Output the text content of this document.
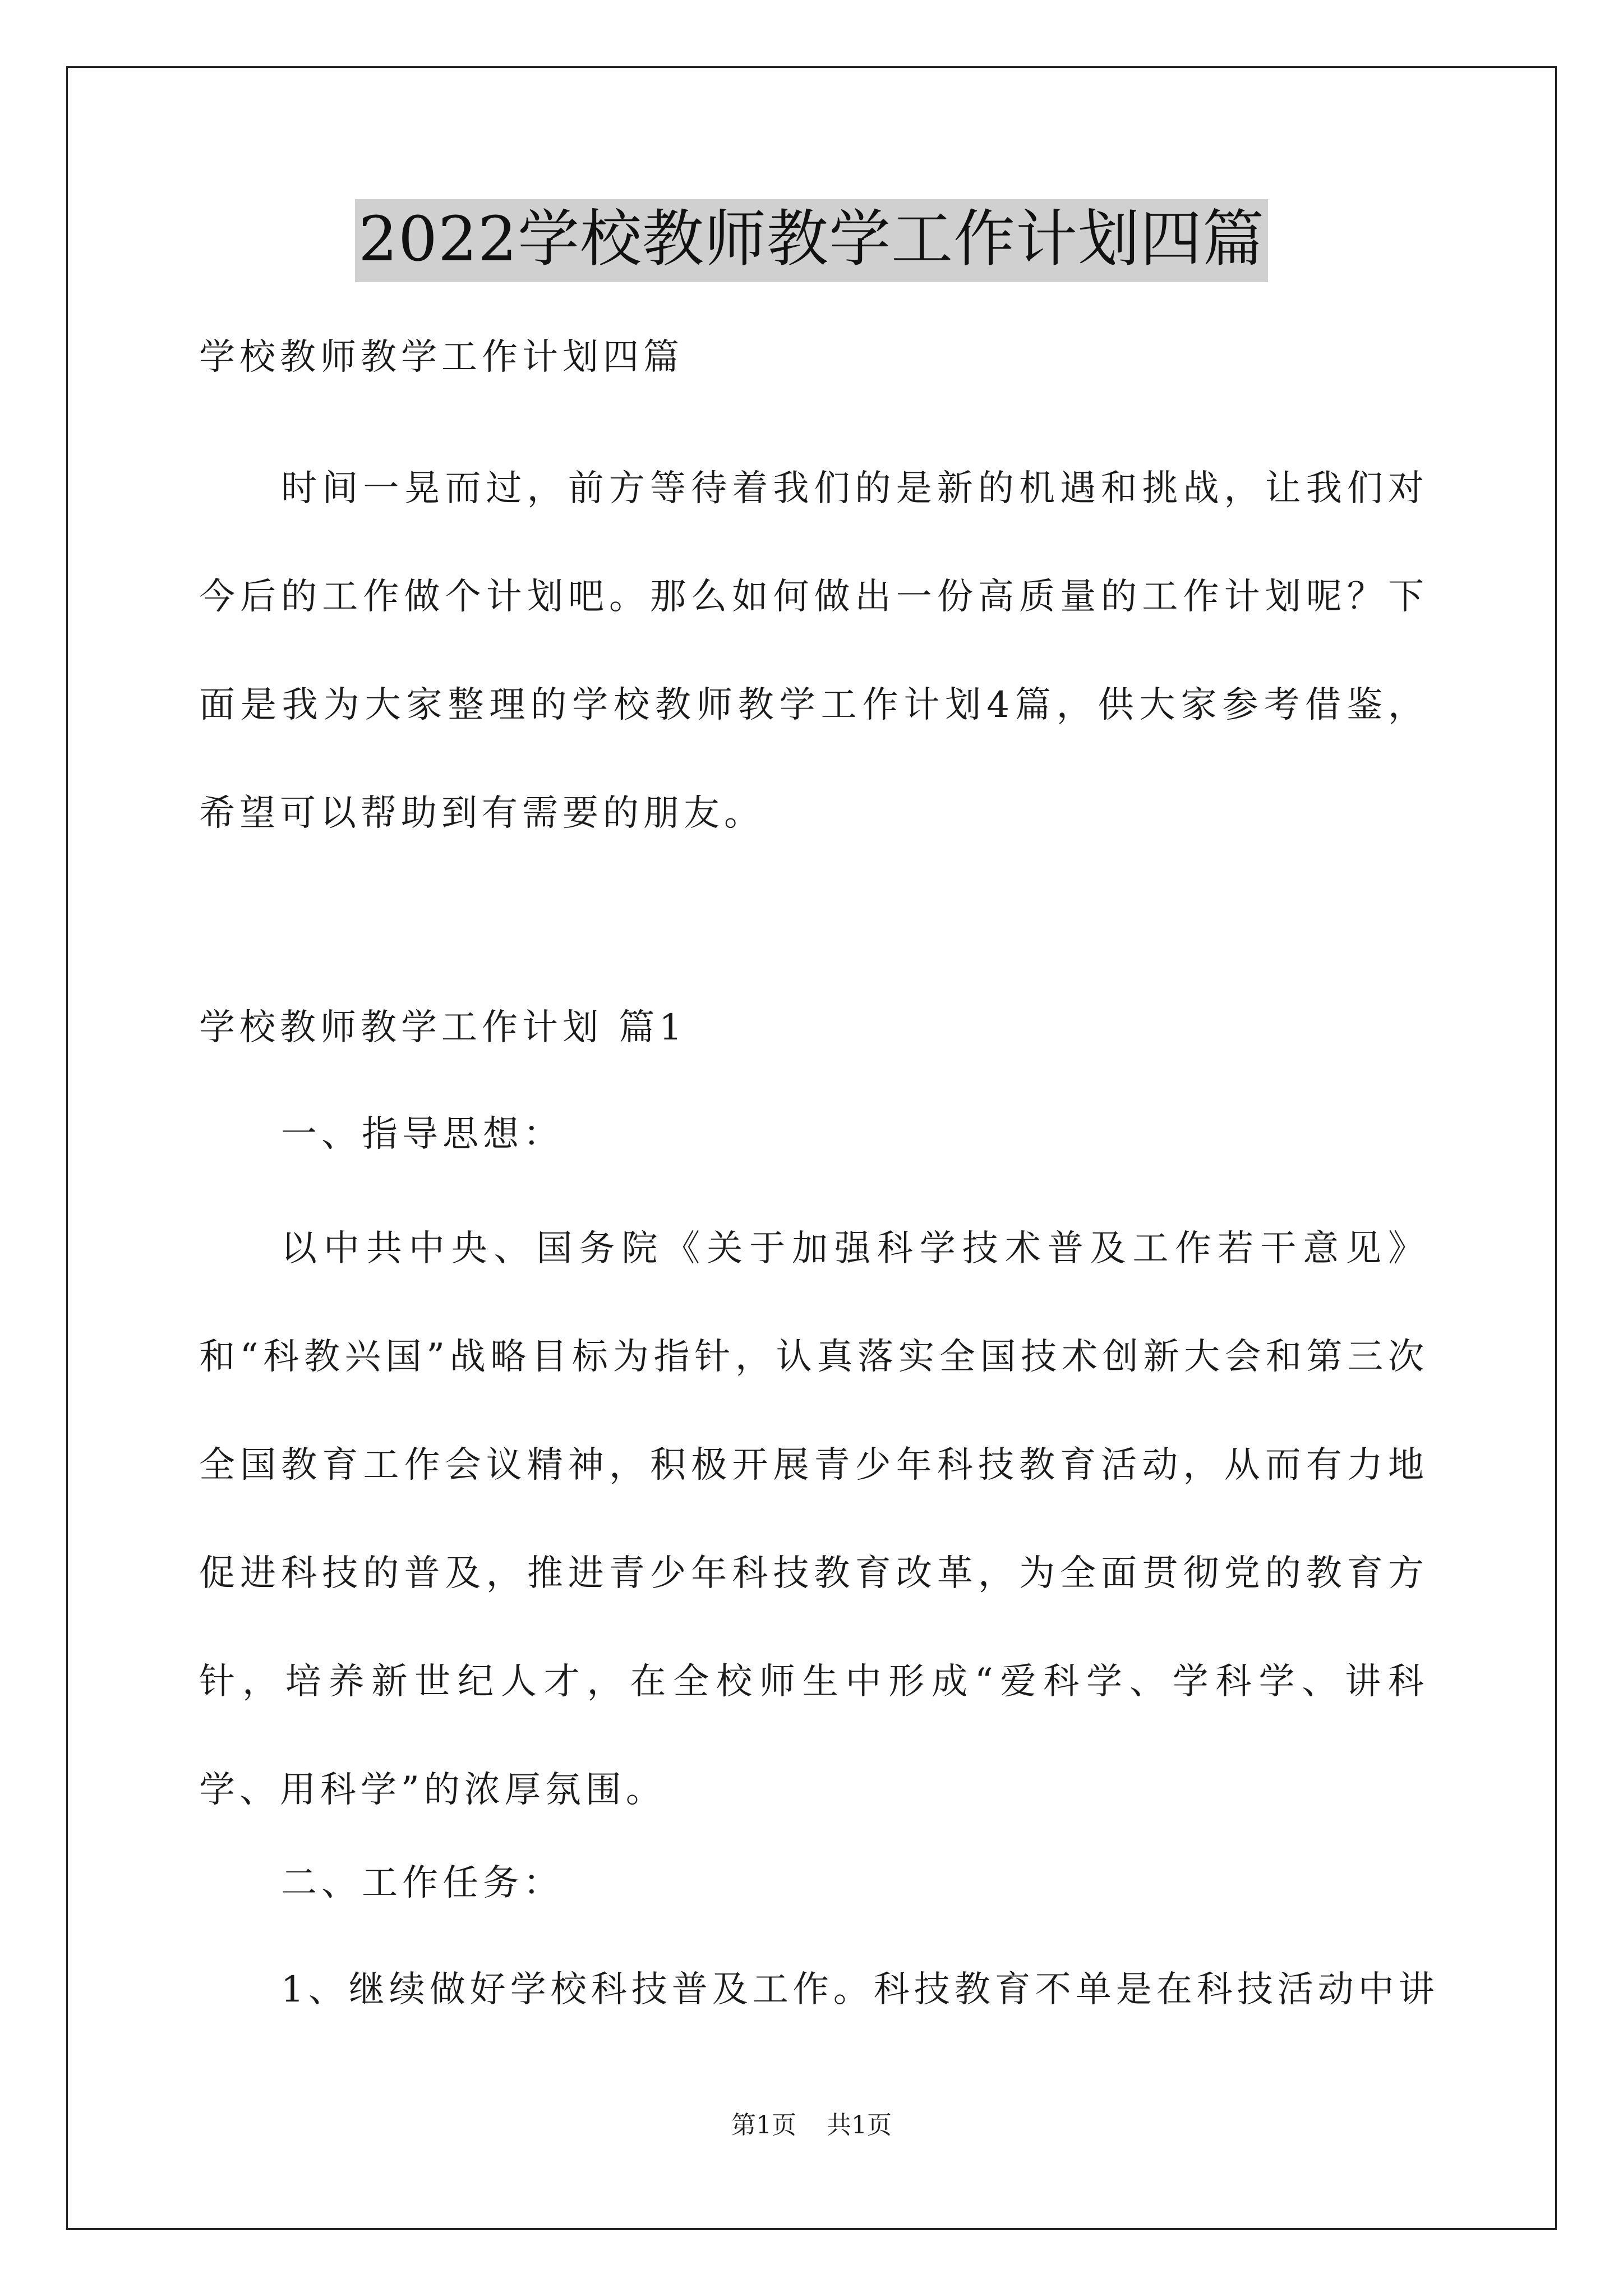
2022学校教师教学工作计划四篇
学校教师教学工作计划四篇
时间一晃而过，前方等待着我们的是新的机遇和挑战，让我们对今后的工作做个计划吧。那么如何做出一份高质量的工作计划呢？下面是我为大家整理的学校教师教学工作计划4篇，供大家参考借鉴，希望可以帮助到有需要的朋友。
学校教师教学工作计划 篇1
一、指导思想：
以中共中央、国务院《关于加强科学技术普及工作若干意见》和“科教兴国”战略目标为指针，认真落实全国技术创新大会和第三次全国教育工作会议精神，积极开展青少年科技教育活动，从而有力地促进科技的普及，推进青少年科技教育改革，为全面贯彻党的教育方针，培养新世纪人才，在全校师生中形成“爱科学、学科学、讲科学、用科学”的浓厚氛围。
二、工作任务：
1、继续做好学校科技普及工作。科技教育不单是在科技活动中讲
第1页 共1页
